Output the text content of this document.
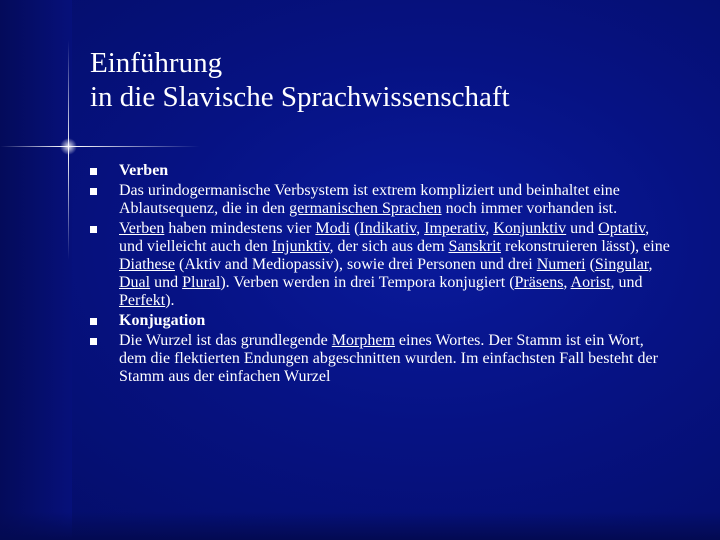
Einführung
in die Slavische Sprachwissenschaft
Verben
Das urindogermanische Verbsystem ist extrem kompliziert und beinhaltet eine Ablautsequenz, die in den germanischen Sprachen noch immer vorhanden ist.
Verben haben mindestens vier Modi (Indikativ, Imperativ, Konjunktiv und Optativ, und vielleicht auch den Injunktiv, der sich aus dem Sanskrit rekonstruieren lässt), eine Diathese (Aktiv and Mediopassiv), sowie drei Personen und drei Numeri (Singular, Dual und Plural). Verben werden in drei Tempora konjugiert (Präsens, Aorist, und Perfekt).
Konjugation
Die Wurzel ist das grundlegende Morphem eines Wortes. Der Stamm ist ein Wort, dem die flektierten Endungen abgeschnitten wurden. Im einfachsten Fall besteht der Stamm aus der einfachen Wurzel
